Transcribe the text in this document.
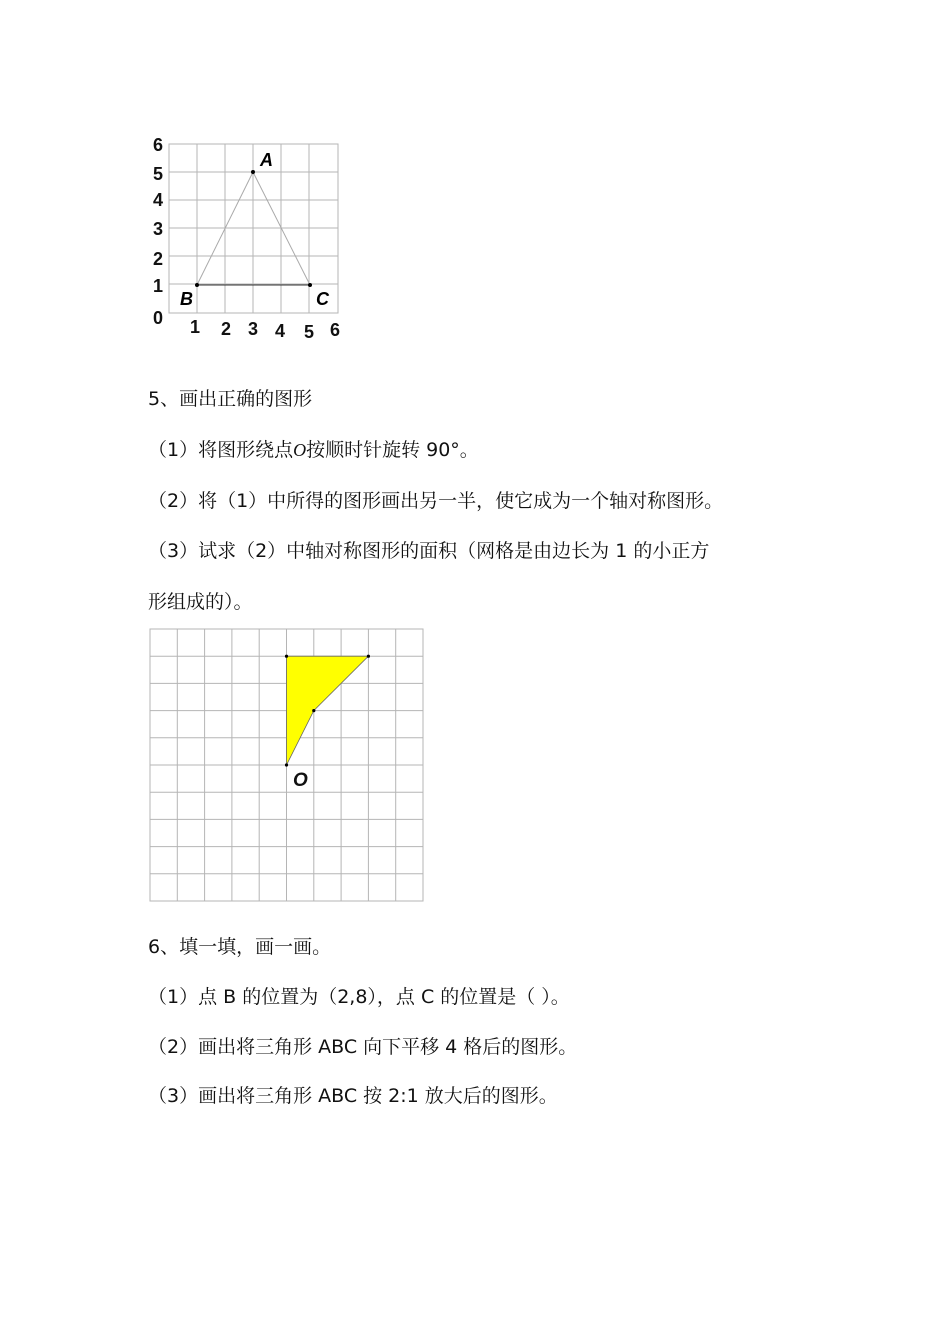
A
B	C
6
5
4
3
2
1
0 1 2 3 4 5 6
5、画出正确的图形
（1）将图形绕点O按顺时针旋转 90°。
（2）将（1）中所得的图形画出另一半，使它成为一个轴对称图形。
（3）试求（2）中轴对称图形的面积（网格是由边长为 1 的小正方
形组成的）。
O
6、填一填，画一画。
（1）点 B 的位置为（2,8），点 C 的位置是（ ）。
（2）画出将三角形 ABC 向下平移 4 格后的图形。
（3）画出将三角形 ABC 按 2:1 放大后的图形。
